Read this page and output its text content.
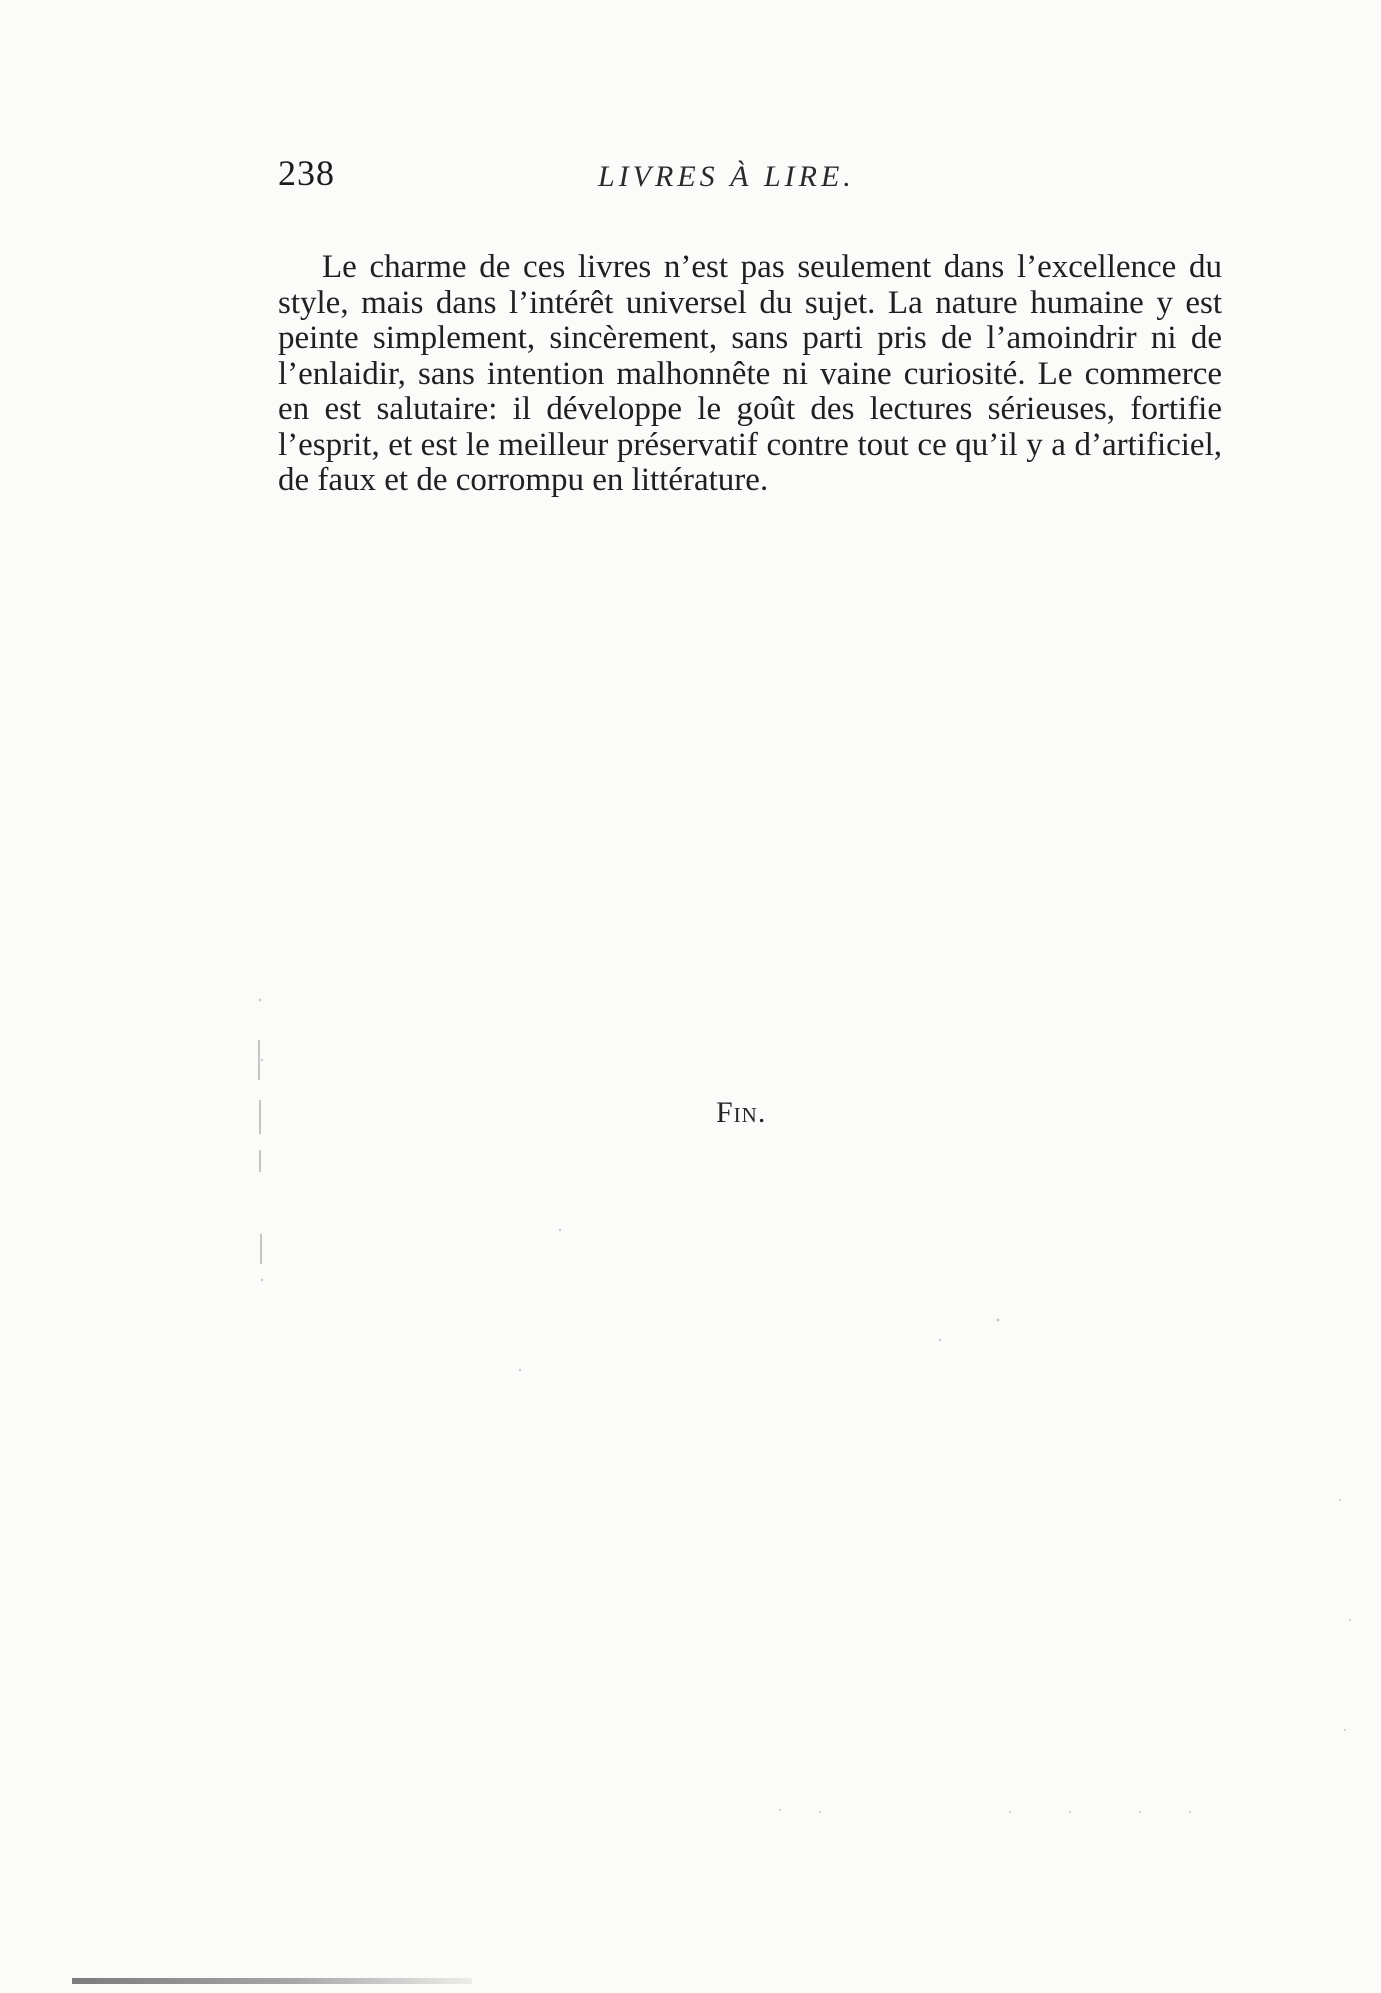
238	LIVRES À LIRE.

Le charme de ces livres n’est pas seulement dans l’excellence du style, mais dans l’intérêt universel du sujet. La nature humaine y est peinte simplement, sincèrement, sans parti pris de l’amoindrir ni de l’enlaidir, sans intention malhonnête ni vaine curiosité. Le commerce en est salutaire: il développe le goût des lectures sérieuses, fortifie l’esprit, et est le meilleur préservatif contre tout ce qu’il y a d’artificiel, de faux et de corrompu en littérature.

Fin.
